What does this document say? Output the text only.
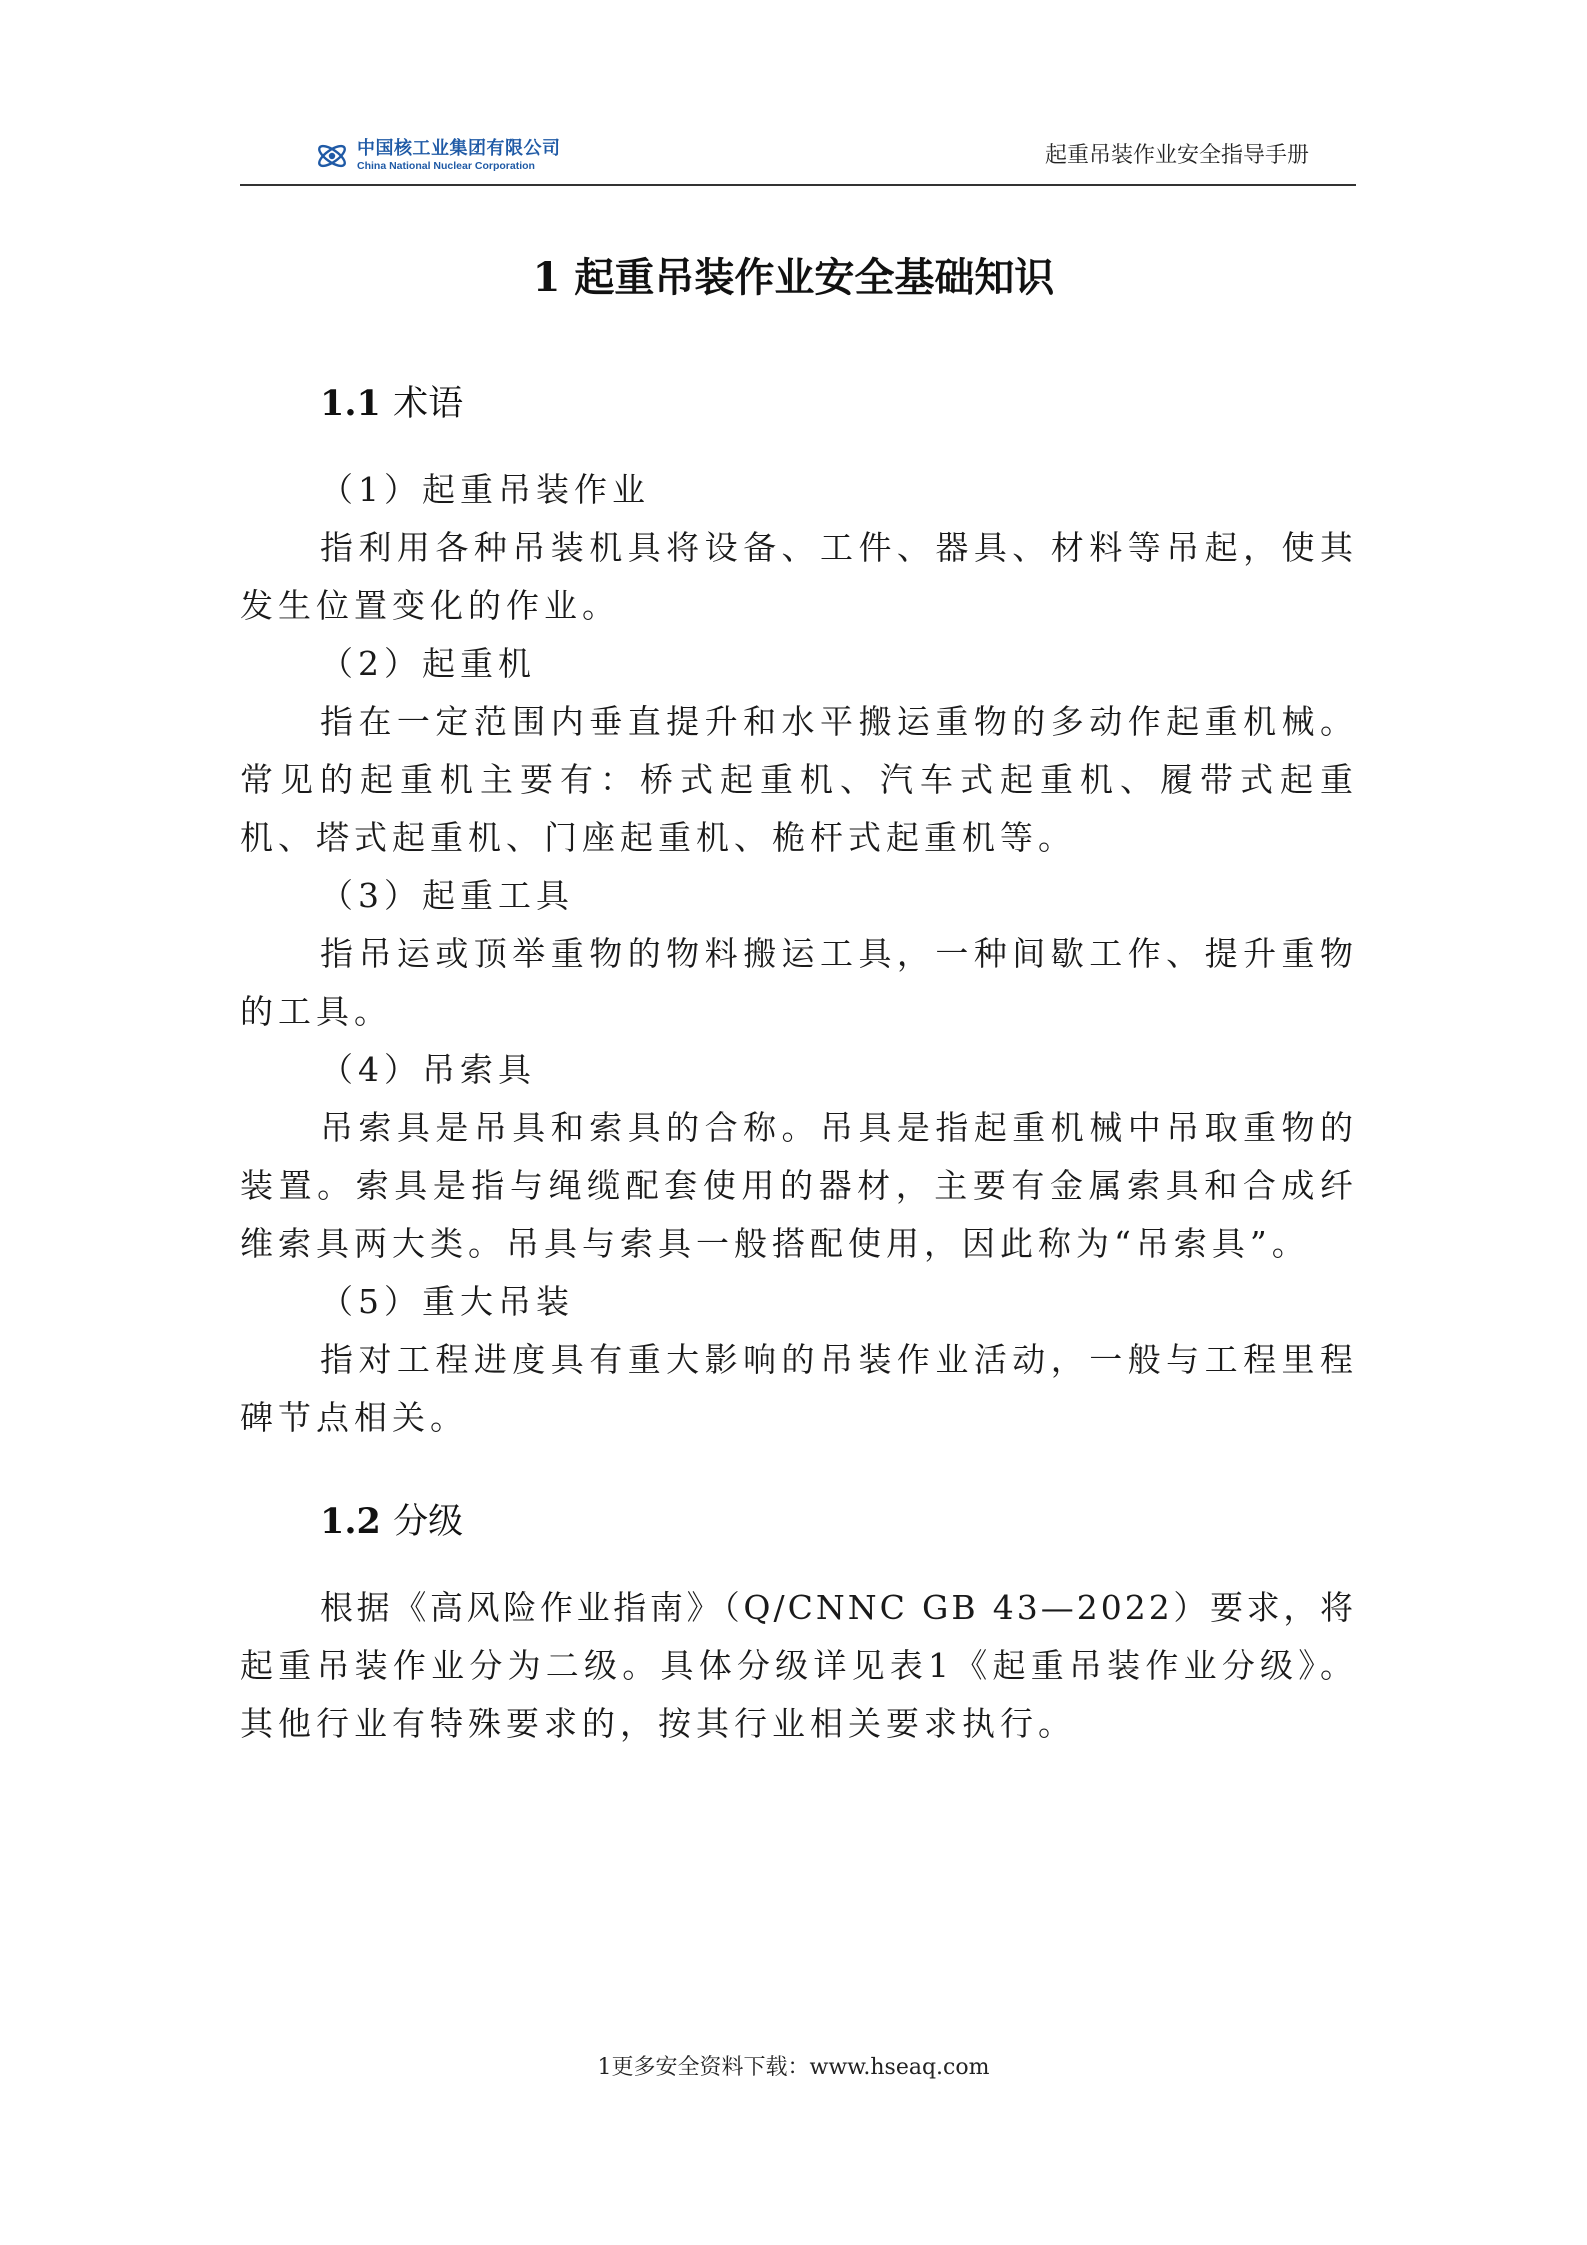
中国核工业集团有限公司
China National Nuclear Corporation	起重吊装作业安全指导手册
1 起重吊装作业安全基础知识
1.1 术语
（1）起重吊装作业
指利用各种吊装机具将设备、工件、器具、材料等吊起，使其
发生位置变化的作业。
（2）起重机
指在一定范围内垂直提升和水平搬运重物的多动作起重机械。
常见的起重机主要有：桥式起重机、汽车式起重机、履带式起重
机、塔式起重机、门座起重机、桅杆式起重机等。
（3）起重工具
指吊运或顶举重物的物料搬运工具，一种间歇工作、提升重物
的工具。
（4）吊索具
吊索具是吊具和索具的合称。吊具是指起重机械中吊取重物的
装置。索具是指与绳缆配套使用的器材，主要有金属索具和合成纤
维索具两大类。吊具与索具一般搭配使用，因此称为“吊索具”。
（5）重大吊装
指对工程进度具有重大影响的吊装作业活动，一般与工程里程
碑节点相关。
1.2 分级
根据《高风险作业指南》（Q/CNNC GB 43—2022）要求，将
起重吊装作业分为二级。具体分级详见表1《起重吊装作业分级》。
其他行业有特殊要求的，按其行业相关要求执行。
1更多安全资料下载：www.hseaq.com
